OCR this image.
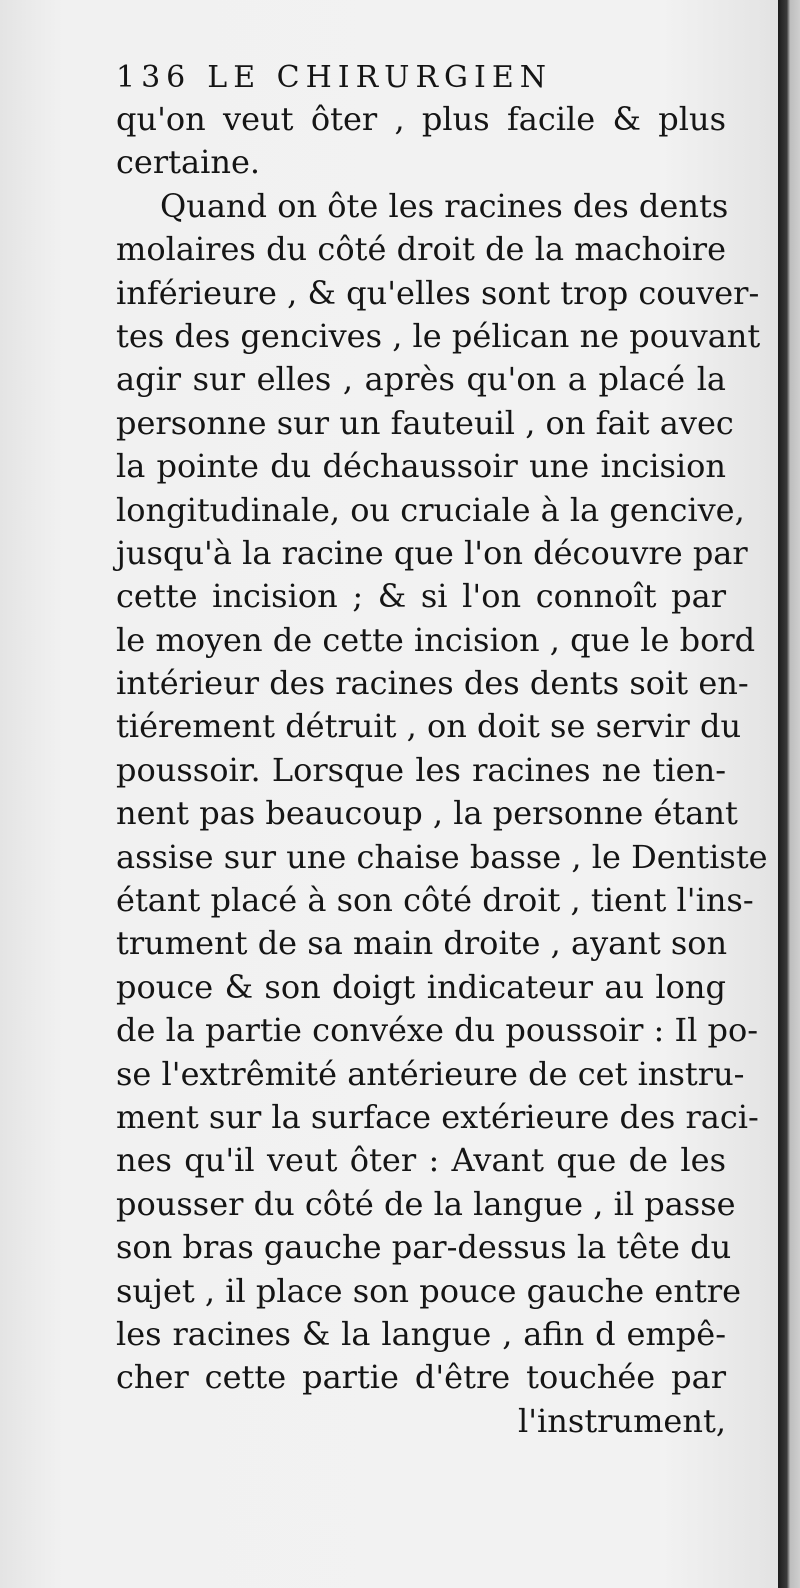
136 LE CHIRURGIEN
qu'on veut ôter , plus facile & plus
certaine.
Quand on ôte les racines des dents
molaires du côté droit de la machoire
inférieure , & qu'elles sont trop couver-
tes des gencives , le pélican ne pouvant
agir sur elles , après qu'on a placé la
personne sur un fauteuil , on fait avec
la pointe du déchaussoir une incision
longitudinale, ou cruciale à la gencive,
jusqu'à la racine que l'on découvre par
cette incision ; & si l'on connoît par
le moyen de cette incision , que le bord
intérieur des racines des dents soit en-
tiérement détruit , on doit se servir du
poussoir. Lorsque les racines ne tien-
nent pas beaucoup , la personne étant
assise sur une chaise basse , le Dentiste
étant placé à son côté droit , tient l'ins-
trument de sa main droite , ayant son
pouce & son doigt indicateur au long
de la partie convéxe du poussoir : Il po-
se l'extrêmité antérieure de cet instru-
ment sur la surface extérieure des raci-
nes qu'il veut ôter : Avant que de les
pousser du côté de la langue , il passe
son bras gauche par-dessus la tête du
sujet , il place son pouce gauche entre
les racines & la langue , afin d empê-
cher cette partie d'être touchée par
l'instrument,
